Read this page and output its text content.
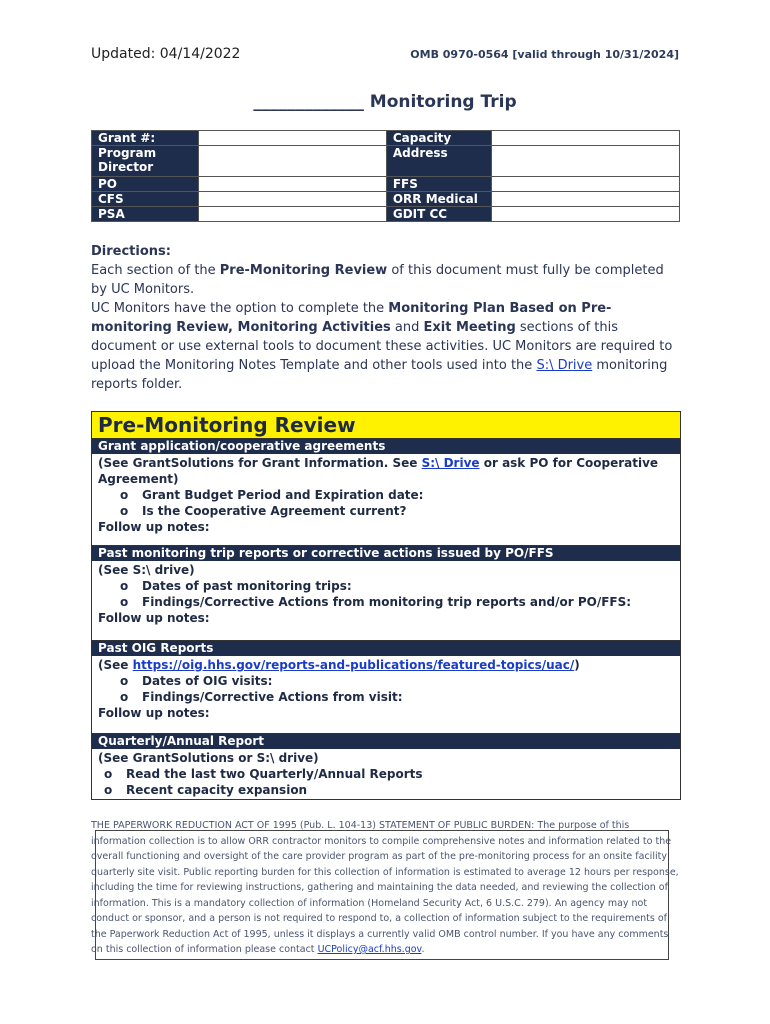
Updated: 04/14/2022	OMB 0970-0564 [valid through 10/31/2024]
_____________ Monitoring Trip
Grant #:		Capacity	
Program Director		Address	
PO		FFS	
CFS		ORR Medical	
PSA		GDIT CC	
Directions:
Each section of the Pre-Monitoring Review of this document must fully be completed by UC Monitors.
UC Monitors have the option to complete the Monitoring Plan Based on Pre-monitoring Review, Monitoring Activities and Exit Meeting sections of this document or use external tools to document these activities. UC Monitors are required to upload the Monitoring Notes Template and other tools used into the S:\ Drive monitoring reports folder.
Pre-Monitoring Review
Grant application/cooperative agreements
(See GrantSolutions for Grant Information. See S:\ Drive or ask PO for Cooperative Agreement)
o Grant Budget Period and Expiration date:
o Is the Cooperative Agreement current?
Follow up notes:
Past monitoring trip reports or corrective actions issued by PO/FFS
(See S:\ drive)
o Dates of past monitoring trips:
o Findings/Corrective Actions from monitoring trip reports and/or PO/FFS:
Follow up notes:
Past OIG Reports
(See https://oig.hhs.gov/reports-and-publications/featured-topics/uac/)
o Dates of OIG visits:
o Findings/Corrective Actions from visit:
Follow up notes:
Quarterly/Annual Report
(See GrantSolutions or S:\ drive)
o Read the last two Quarterly/Annual Reports
o Recent capacity expansion
THE PAPERWORK REDUCTION ACT OF 1995 (Pub. L. 104-13) STATEMENT OF PUBLIC BURDEN: The purpose of this information collection is to allow ORR contractor monitors to compile comprehensive notes and information related to the overall functioning and oversight of the care provider program as part of the pre-monitoring process for an onsite facility quarterly site visit. Public reporting burden for this collection of information is estimated to average 12 hours per response, including the time for reviewing instructions, gathering and maintaining the data needed, and reviewing the collection of information. This is a mandatory collection of information (Homeland Security Act, 6 U.S.C. 279). An agency may not conduct or sponsor, and a person is not required to respond to, a collection of information subject to the requirements of the Paperwork Reduction Act of 1995, unless it displays a currently valid OMB control number. If you have any comments on this collection of information please contact UCPolicy@acf.hhs.gov.
